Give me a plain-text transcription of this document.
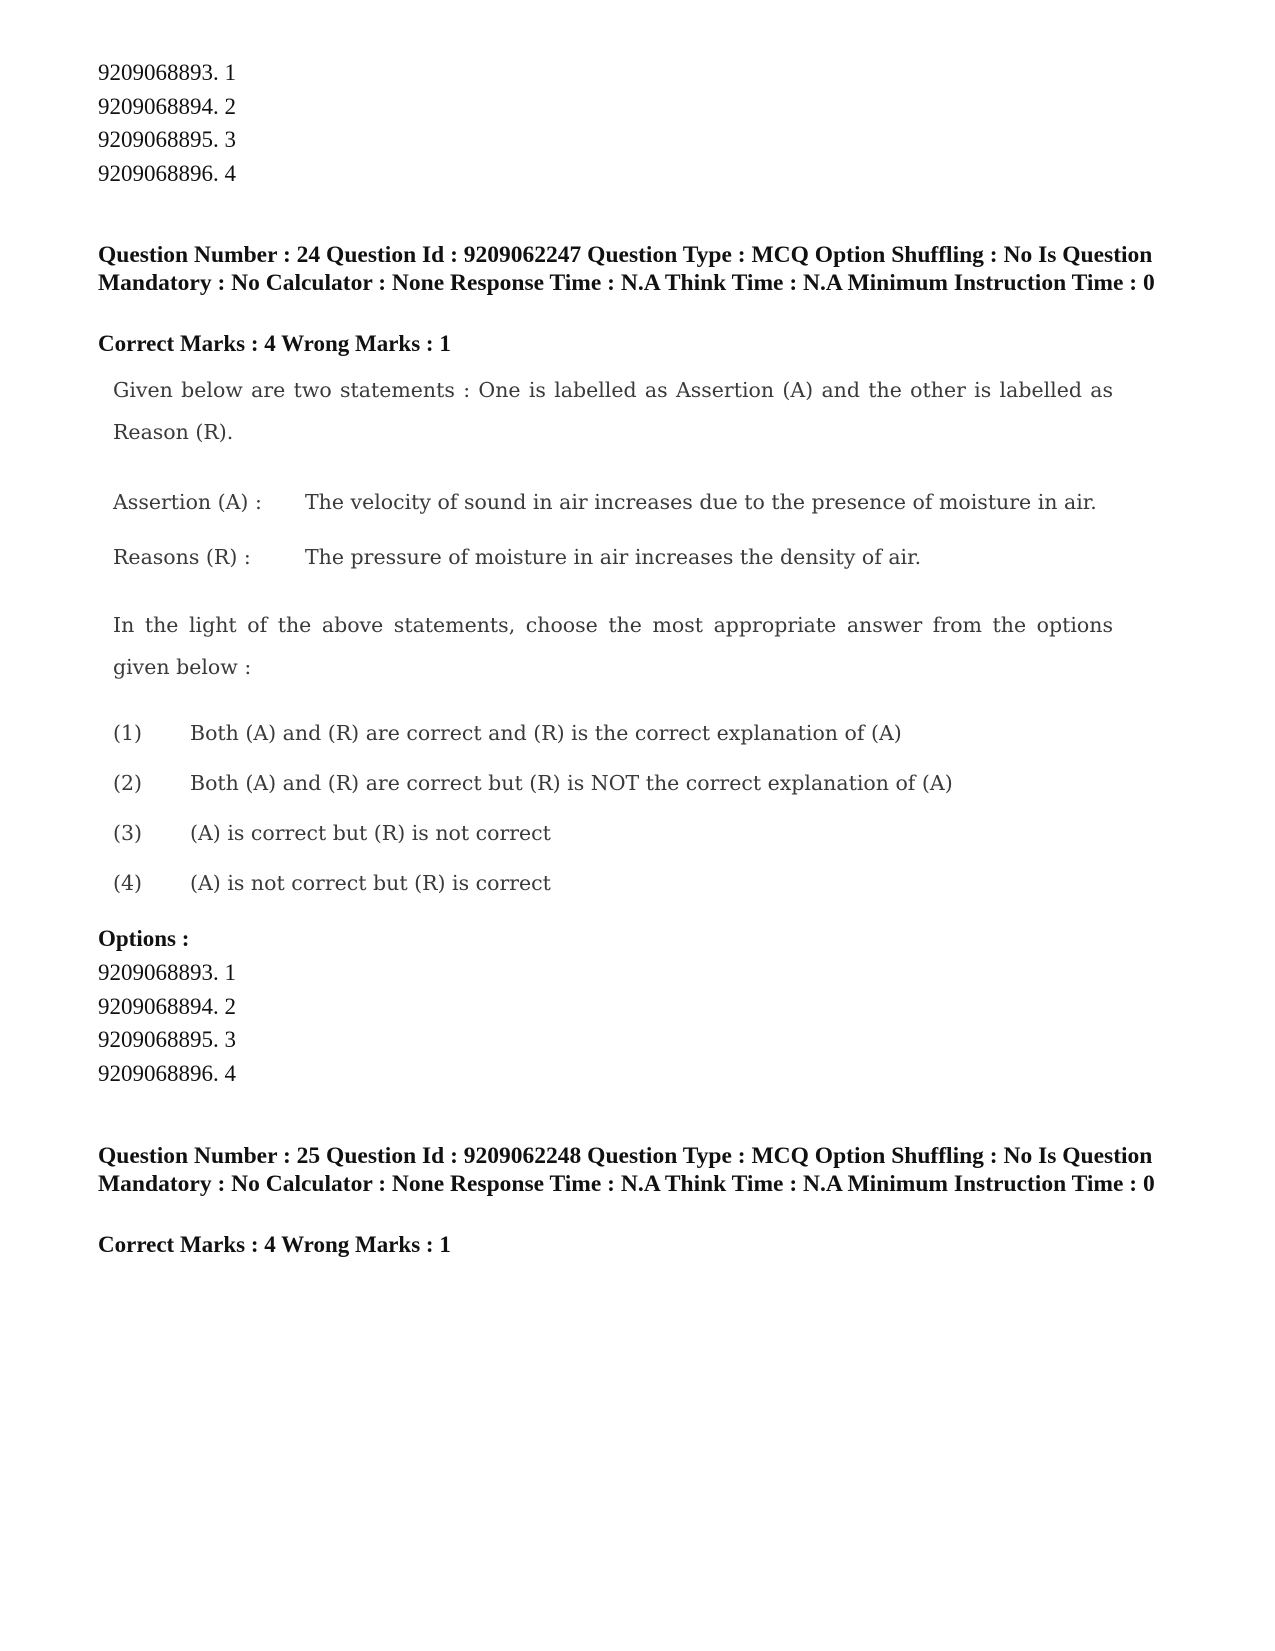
9209068893. 1
9209068894. 2
9209068895. 3
9209068896. 4
Question Number : 24 Question Id : 9209062247 Question Type : MCQ Option Shuffling : No Is Question Mandatory : No Calculator : None Response Time : N.A Think Time : N.A Minimum Instruction Time : 0
Correct Marks : 4 Wrong Marks : 1
Given below are two statements : One is labelled as Assertion (A) and the other is labelled as Reason (R).
Assertion (A) : The velocity of sound in air increases due to the presence of moisture in air.
Reasons (R) :	The pressure of moisture in air increases the density of air.
In the light of the above statements, choose the most appropriate answer from the options given below :
(1) Both (A) and (R) are correct and (R) is the correct explanation of (A)
(2) Both (A) and (R) are correct but (R) is NOT the correct explanation of (A)
(3) (A) is correct but (R) is not correct
(4) (A) is not correct but (R) is correct
Options :
9209068893. 1
9209068894. 2
9209068895. 3
9209068896. 4
Question Number : 25 Question Id : 9209062248 Question Type : MCQ Option Shuffling : No Is Question Mandatory : No Calculator : None Response Time : N.A Think Time : N.A Minimum Instruction Time : 0
Correct Marks : 4 Wrong Marks : 1
